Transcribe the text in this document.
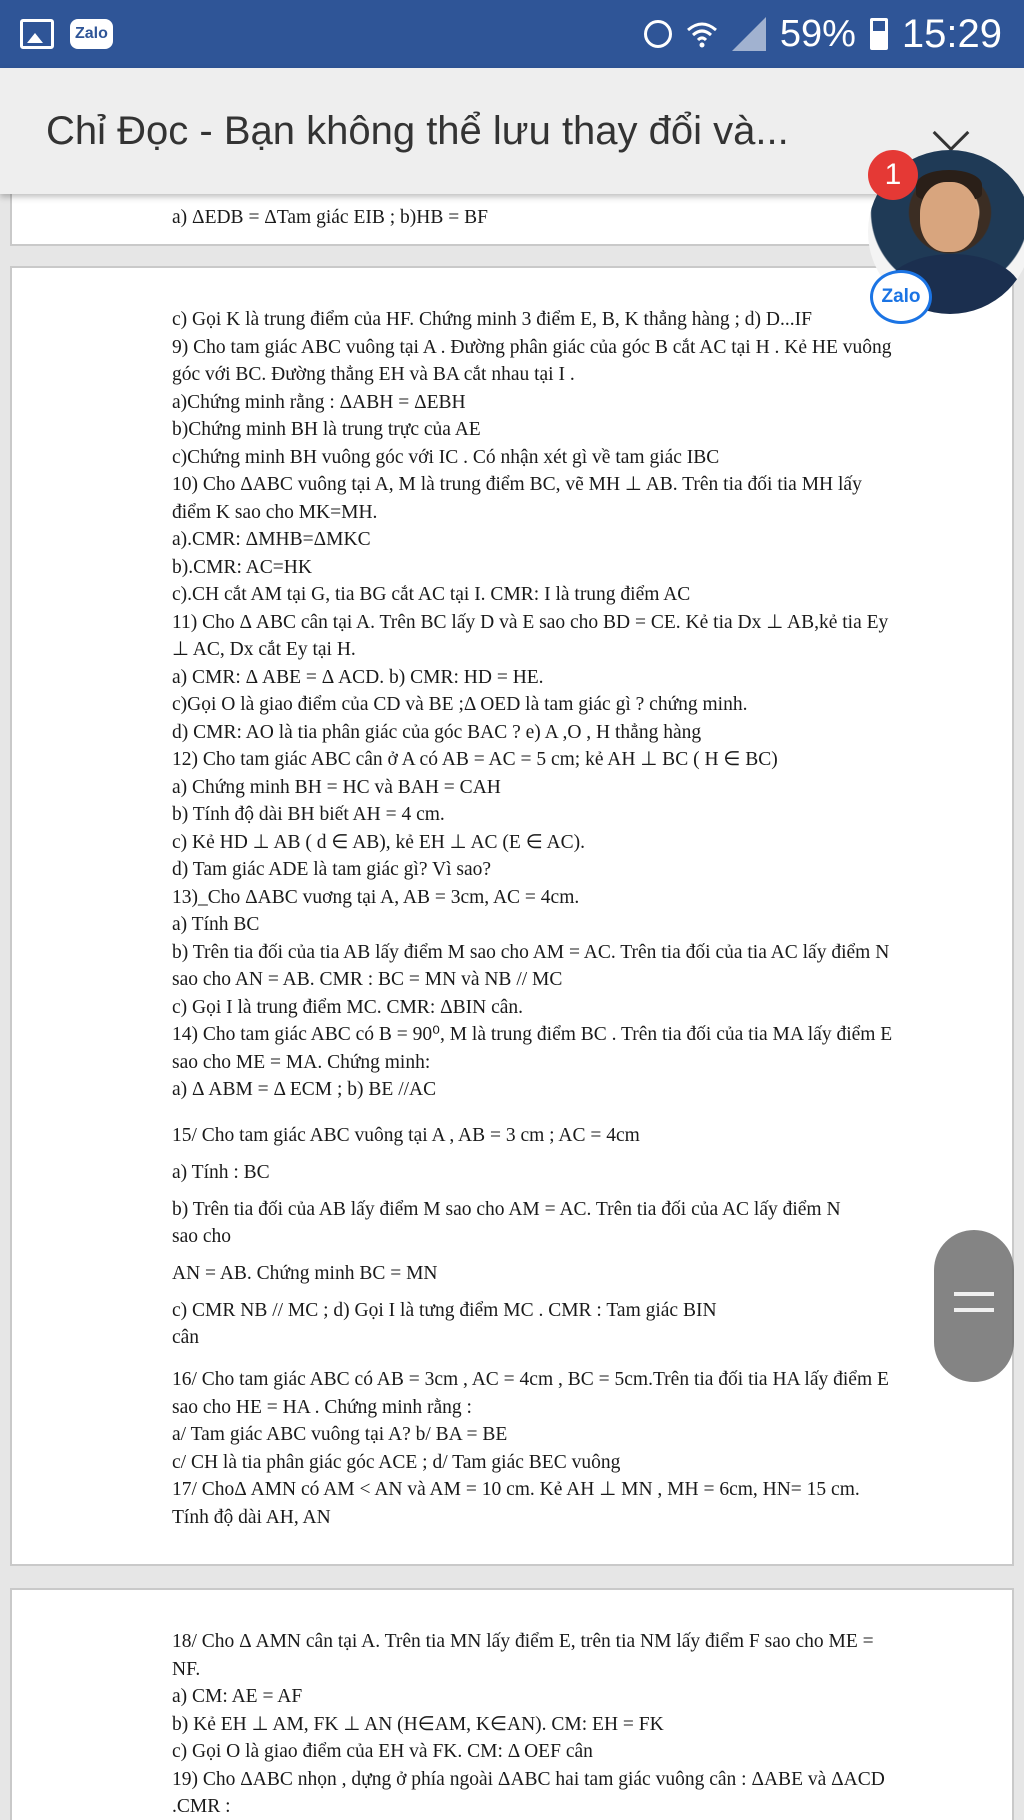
Zalo	59% 15:29
Chỉ Đọc - Bạn không thể lưu thay đổi và...

a) ΔEDB = ΔTam giác EIB ; b)HB = BF

c) Gọi K là trung điểm của HF. Chứng minh 3 điểm E, B, K thẳng hàng ; d) D...IF

9) Cho tam giác ABC vuông tại A . Đường phân giác của góc B cắt AC tại H . Kẻ HE vuông

góc với BC. Đường thẳng EH và BA cắt nhau tại I .

a)Chứng minh rằng : ΔABH = ΔEBH

b)Chứng minh BH là trung trực của AE

c)Chứng minh BH vuông góc với IC . Có nhận xét gì về tam giác IBC

10) Cho ΔABC vuông tại A, M là trung điểm BC, vẽ MH ⊥ AB. Trên tia đối tia MH lấy

điểm K sao cho MK=MH.

a).CMR: ΔMHB=ΔMKC

b).CMR: AC=HK

c).CH cắt AM tại G, tia BG cắt AC tại I. CMR: I là trung điểm AC

11) Cho Δ ABC cân tại A. Trên BC lấy D và E sao cho BD = CE. Kẻ tia Dx ⊥ AB,kẻ tia Ey

⊥ AC, Dx cắt Ey tại H.

a) CMR: Δ ABE = Δ ACD. b) CMR: HD = HE.

c)Gọi O là giao điểm của CD và BE ;Δ OED là tam giác gì ? chứng minh.

d) CMR: AO là tia phân giác của góc BAC ? e) A ,O , H thẳng hàng

12) Cho tam giác ABC cân ở A có AB = AC = 5 cm; kẻ AH ⊥ BC ( H ∈ BC)

a) Chứng minh BH = HC và BAH = CAH

b) Tính độ dài BH biết AH = 4 cm.

c) Kẻ HD ⊥ AB ( d ∈ AB), kẻ EH ⊥ AC (E ∈ AC).

d) Tam giác ADE là tam giác gì? Vì sao?

13)_Cho ΔABC vuơng tại A, AB = 3cm, AC = 4cm.

a) Tính BC

b) Trên tia đối của tia AB lấy điểm M sao cho AM = AC. Trên tia đối của tia AC lấy điểm N

sao cho AN = AB. CMR : BC = MN và NB // MC

c) Gọi I là trung điểm MC. CMR: ΔBIN cân.

14) Cho tam giác ABC có B = 90⁰, M là trung điểm BC . Trên tia đối của tia MA lấy điểm E

sao cho ME = MA. Chứng minh:

a) Δ ABM = Δ ECM ; b) BE //AC

15/ Cho tam giác ABC vuông tại A , AB = 3 cm ; AC = 4cm

a) Tính : BC

b) Trên tia đối của AB lấy điểm M sao cho AM = AC. Trên tia đối của AC lấy điểm N

sao cho

AN = AB. Chứng minh BC = MN

c) CMR NB // MC ; d) Gọi I là tưng điểm MC . CMR : Tam giác BIN

cân

16/ Cho tam giác ABC có AB = 3cm , AC = 4cm , BC = 5cm.Trên tia đối tia HA lấy điểm E

sao cho HE = HA . Chứng minh rằng :

a/ Tam giác ABC vuông tại A? b/ BA = BE

c/ CH là tia phân giác góc ACE ; d/ Tam giác BEC vuông

17/ ChoΔ AMN có AM < AN và AM = 10 cm. Kẻ AH ⊥ MN , MH = 6cm, HN= 15 cm.

Tính độ dài AH, AN

18/ Cho Δ AMN cân tại A. Trên tia MN lấy điểm E, trên tia NM lấy điểm F sao cho ME =

NF.

a) CM: AE = AF

b) Kẻ EH ⊥ AM, FK ⊥ AN (H∈AM, K∈AN). CM: EH = FK

c) Gọi O là giao điểm của EH và FK. CM: Δ OEF cân

19) Cho ΔABC nhọn , dựng ở phía ngoài ΔABC hai tam giác vuông cân : ΔABE và ΔACD

.CMR :

1
Zalo
